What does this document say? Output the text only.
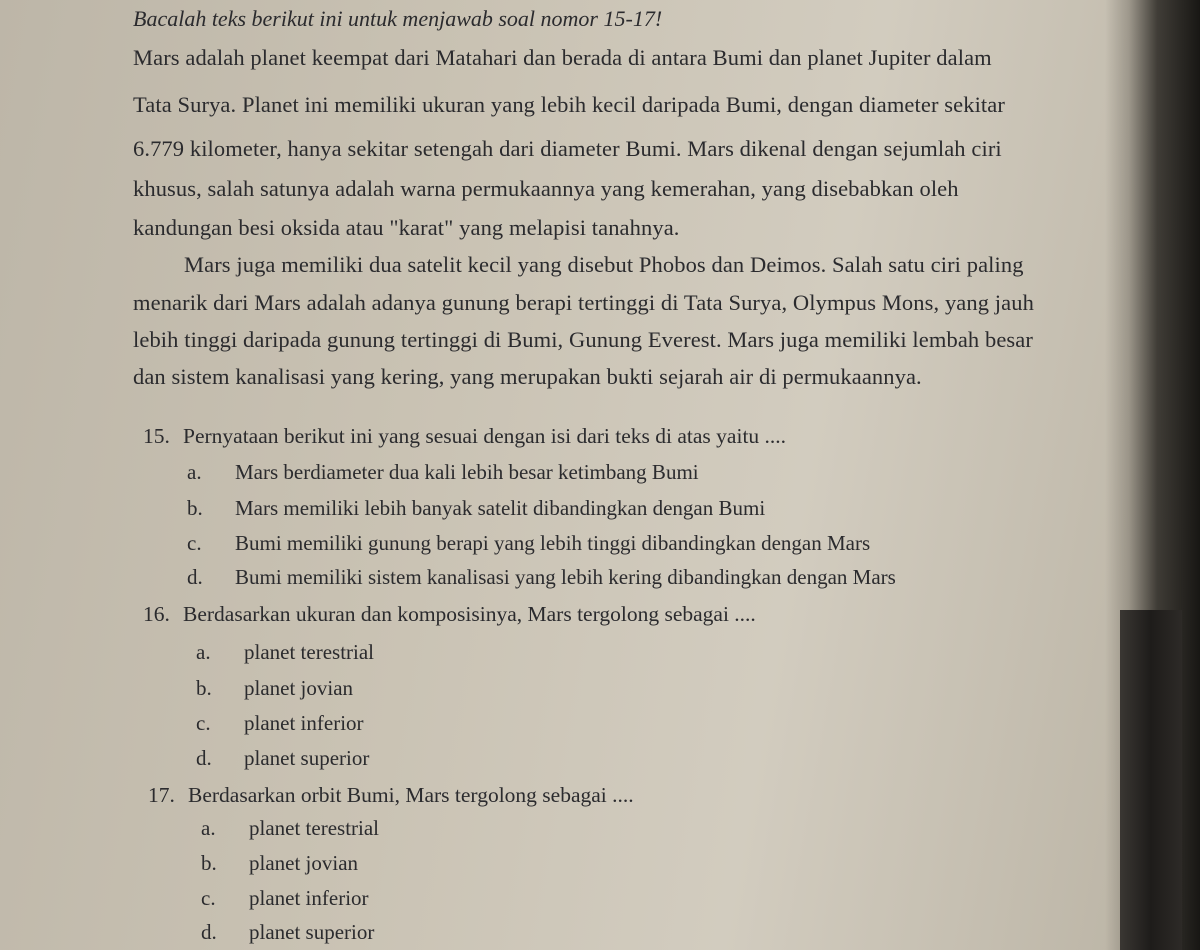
Bacalah teks berikut ini untuk menjawab soal nomor 15-17!
Mars adalah planet keempat dari Matahari dan berada di antara Bumi dan planet Jupiter dalam
Tata Surya. Planet ini memiliki ukuran yang lebih kecil daripada Bumi, dengan diameter sekitar
6.779 kilometer, hanya sekitar setengah dari diameter Bumi. Mars dikenal dengan sejumlah ciri
khusus, salah satunya adalah warna permukaannya yang kemerahan, yang disebabkan oleh
kandungan besi oksida atau "karat" yang melapisi tanahnya.
Mars juga memiliki dua satelit kecil yang disebut Phobos dan Deimos. Salah satu ciri paling
menarik dari Mars adalah adanya gunung berapi tertinggi di Tata Surya, Olympus Mons, yang jauh
lebih tinggi daripada gunung tertinggi di Bumi, Gunung Everest. Mars juga memiliki lembah besar
dan sistem kanalisasi yang kering, yang merupakan bukti sejarah air di permukaannya.
15. Pernyataan berikut ini yang sesuai dengan isi dari teks di atas yaitu ....
a. Mars berdiameter dua kali lebih besar ketimbang Bumi
b. Mars memiliki lebih banyak satelit dibandingkan dengan Bumi
c. Bumi memiliki gunung berapi yang lebih tinggi dibandingkan dengan Mars
d. Bumi memiliki sistem kanalisasi yang lebih kering dibandingkan dengan Mars
16. Berdasarkan ukuran dan komposisinya, Mars tergolong sebagai ....
a. planet terestrial
b. planet jovian
c. planet inferior
d. planet superior
17. Berdasarkan orbit Bumi, Mars tergolong sebagai ....
a. planet terestrial
b. planet jovian
c. planet inferior
d. planet superior
